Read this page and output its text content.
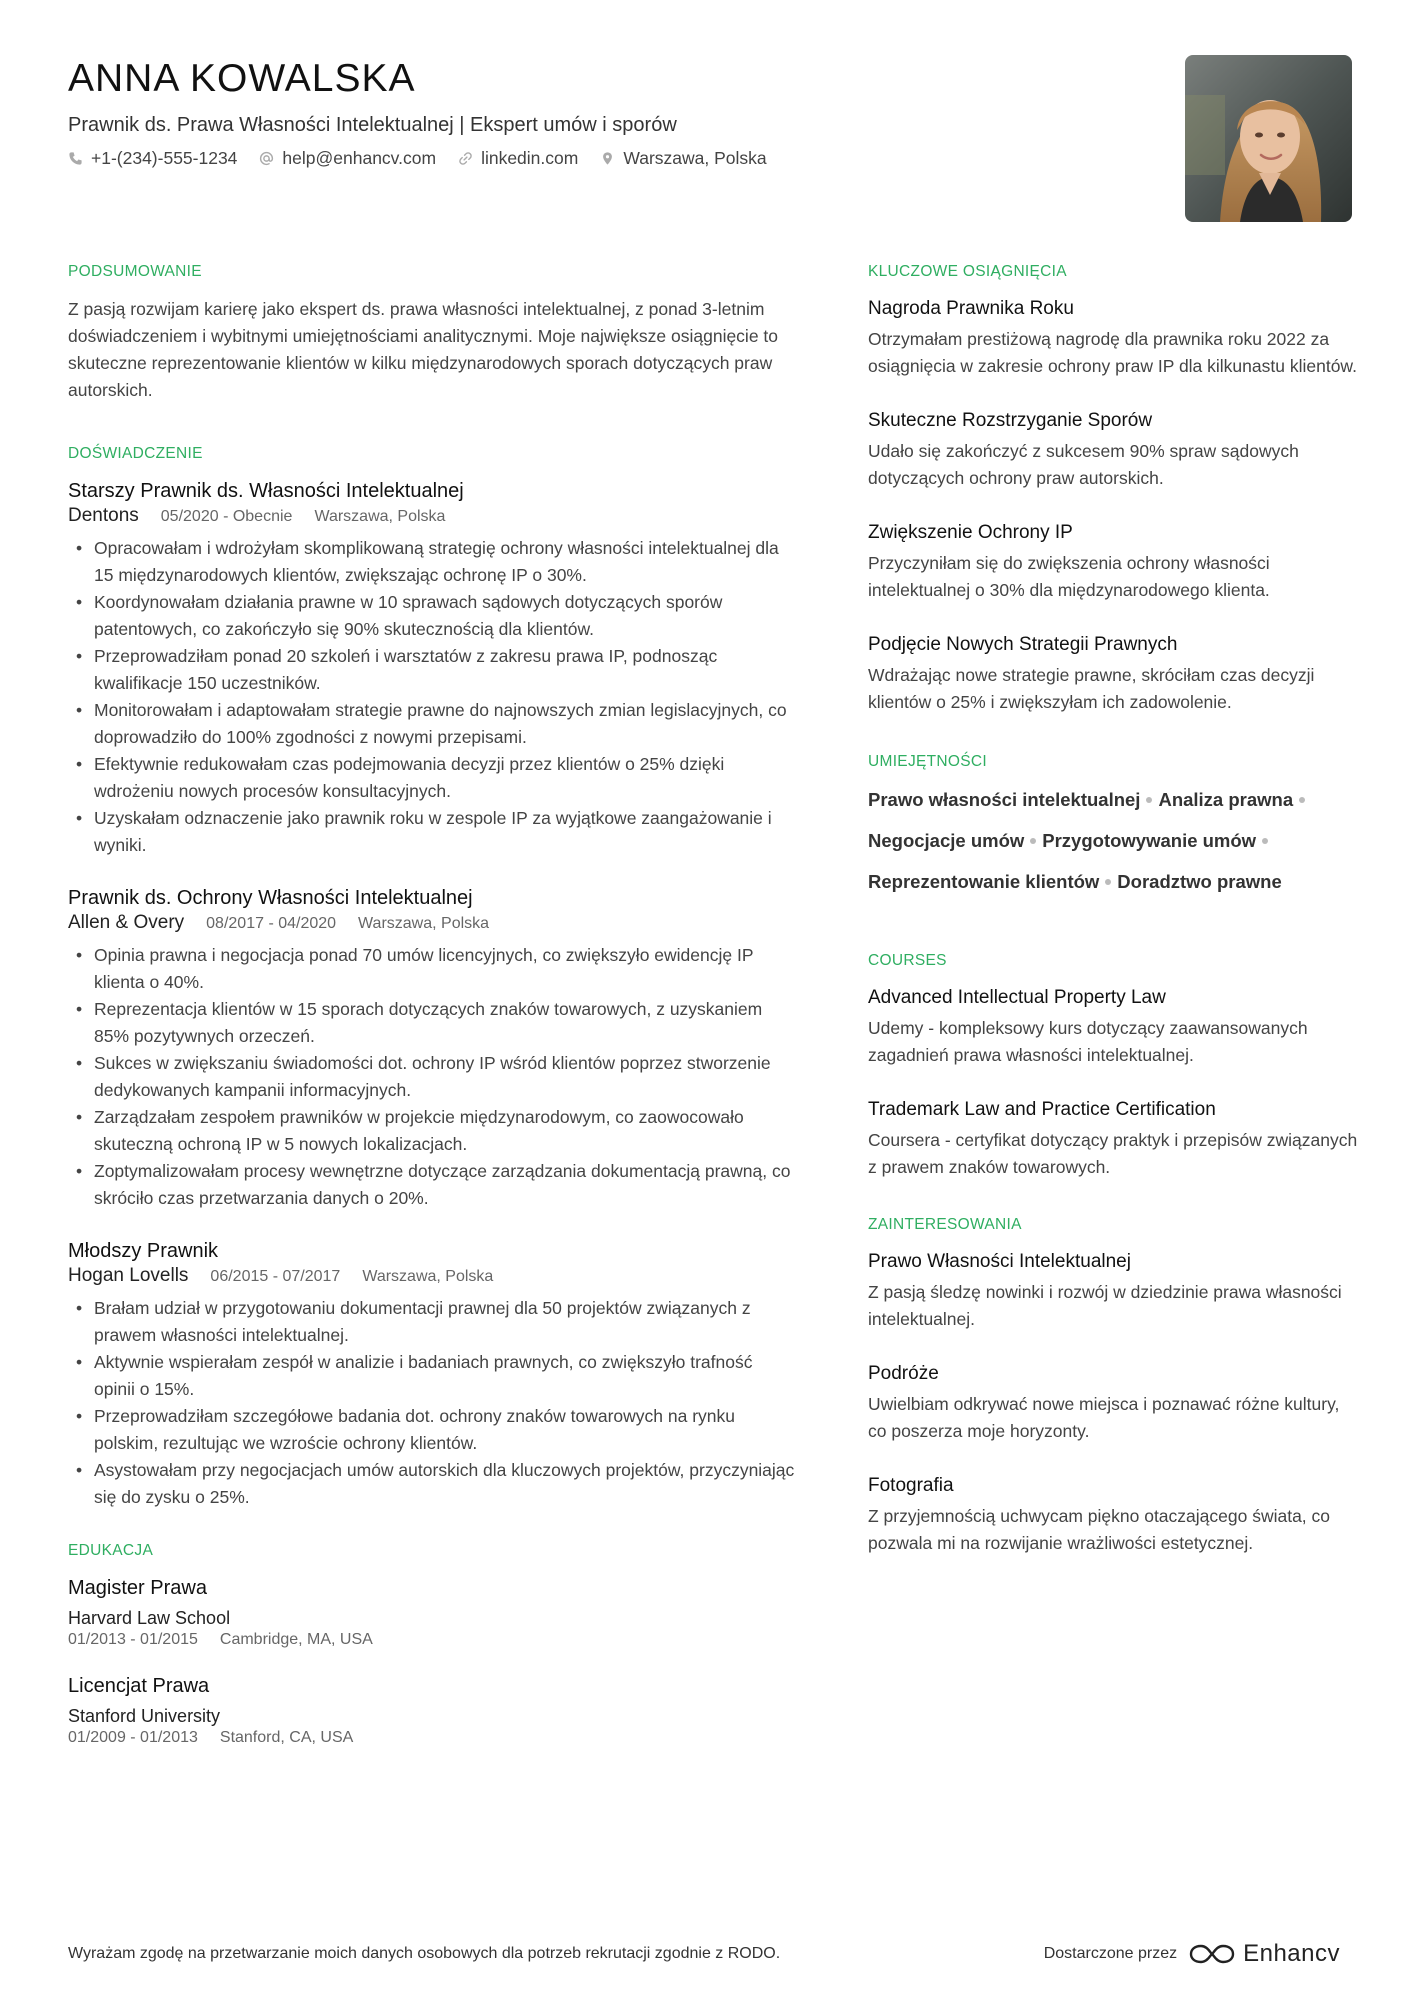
ANNA KOWALSKA
Prawnik ds. Prawa Własności Intelektualnej | Ekspert umów i sporów
+1-(234)-555-1234	help@enhancv.com	linkedin.com	Warszawa, Polska
PODSUMOWANIE

Z pasją rozwijam karierę jako ekspert ds. prawa własności intelektualnej, z ponad 3-letnim doświadczeniem i wybitnymi umiejętnościami analitycznymi. Moje największe osiągnięcie to skuteczne reprezentowanie klientów w kilku międzynarodowych sporach dotyczących praw autorskich.

DOŚWIADCZENIE
Starszy Prawnik ds. Własności Intelektualnej
Dentons 05/2020 - Obecnie Warszawa, Polska
• Opracowałam i wdrożyłam skomplikowaną strategię ochrony własności intelektualnej dla 15 międzynarodowych klientów, zwiększając ochronę IP o 30%.
• Koordynowałam działania prawne w 10 sprawach sądowych dotyczących sporów patentowych, co zakończyło się 90% skutecznością dla klientów.
• Przeprowadziłam ponad 20 szkoleń i warsztatów z zakresu prawa IP, podnosząc kwalifikacje 150 uczestników.
• Monitorowałam i adaptowałam strategie prawne do najnowszych zmian legislacyjnych, co doprowadziło do 100% zgodności z nowymi przepisami.
• Efektywnie redukowałam czas podejmowania decyzji przez klientów o 25% dzięki wdrożeniu nowych procesów konsultacyjnych.
• Uzyskałam odznaczenie jako prawnik roku w zespole IP za wyjątkowe zaangażowanie i wyniki.
Prawnik ds. Ochrony Własności Intelektualnej
Allen & Overy 08/2017 - 04/2020 Warszawa, Polska
• Opinia prawna i negocjacja ponad 70 umów licencyjnych, co zwiększyło ewidencję IP klienta o 40%.
• Reprezentacja klientów w 15 sporach dotyczących znaków towarowych, z uzyskaniem 85% pozytywnych orzeczeń.
• Sukces w zwiększaniu świadomości dot. ochrony IP wśród klientów poprzez stworzenie dedykowanych kampanii informacyjnych.
• Zarządzałam zespołem prawników w projekcie międzynarodowym, co zaowocowało skuteczną ochroną IP w 5 nowych lokalizacjach.
• Zoptymalizowałam procesy wewnętrzne dotyczące zarządzania dokumentacją prawną, co skróciło czas przetwarzania danych o 20%.
Młodszy Prawnik
Hogan Lovells 06/2015 - 07/2017 Warszawa, Polska
• Brałam udział w przygotowaniu dokumentacji prawnej dla 50 projektów związanych z prawem własności intelektualnej.
• Aktywnie wspierałam zespół w analizie i badaniach prawnych, co zwiększyło trafność opinii o 15%.
• Przeprowadziłam szczegółowe badania dot. ochrony znaków towarowych na rynku polskim, rezultując we wzroście ochrony klientów.
• Asystowałam przy negocjacjach umów autorskich dla kluczowych projektów, przyczyniając się do zysku o 25%.
EDUKACJA
Magister Prawa
Harvard Law School
01/2013 - 01/2015 Cambridge, MA, USA
Licencjat Prawa
Stanford University
01/2009 - 01/2013 Stanford, CA, USA
KLUCZOWE OSIĄGNIĘCIA
Nagroda Prawnika Roku

Otrzymałam prestiżową nagrodę dla prawnika roku 2022 za osiągnięcia w zakresie ochrony praw IP dla kilkunastu klientów.

Skuteczne Rozstrzyganie Sporów

Udało się zakończyć z sukcesem 90% spraw sądowych dotyczących ochrony praw autorskich.

Zwiększenie Ochrony IP

Przyczyniłam się do zwiększenia ochrony własności intelektualnej o 30% dla międzynarodowego klienta.

Podjęcie Nowych Strategii Prawnych

Wdrażając nowe strategie prawne, skróciłam czas decyzji klientów o 25% i zwiększyłam ich zadowolenie.

UMIEJĘTNOŚCI
Prawo własności intelektualnej Analiza prawna
Negocjacje umów Przygotowywanie umów
Reprezentowanie klientów Doradztwo prawne
COURSES
Advanced Intellectual Property Law

Udemy - kompleksowy kurs dotyczący zaawansowanych zagadnień prawa własności intelektualnej.

Trademark Law and Practice Certification

Coursera - certyfikat dotyczący praktyk i przepisów związanych z prawem znaków towarowych.

ZAINTERESOWANIA
Prawo Własności Intelektualnej

Z pasją śledzę nowinki i rozwój w dziedzinie prawa własności intelektualnej.

Podróże

Uwielbiam odkrywać nowe miejsca i poznawać różne kultury, co poszerza moje horyzonty.

Fotografia

Z przyjemnością uchwycam piękno otaczającego świata, co pozwala mi na rozwijanie wrażliwości estetycznej.

Wyrażam zgodę na przetwarzanie moich danych osobowych dla potrzeb rekrutacji zgodnie z RODO.	Dostarczone przez	Enhancv
